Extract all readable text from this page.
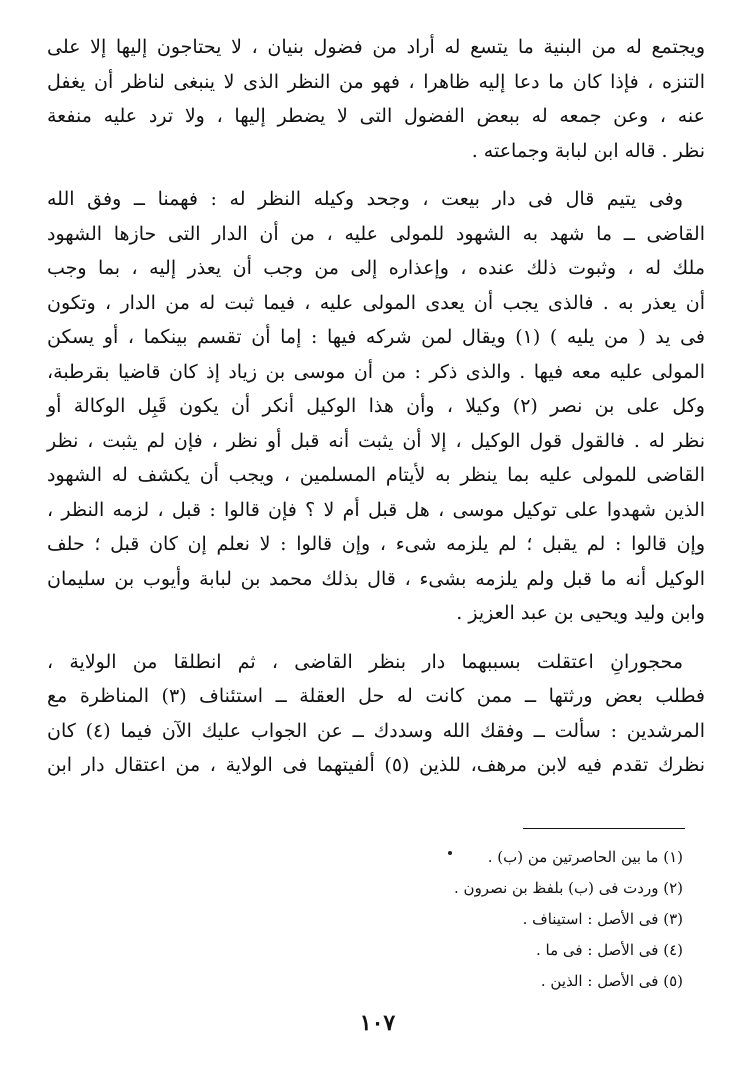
ويجتمع له من البنية ما يتسع له أراد من فضول بنيان ، لا يحتاجون إليها إلا على
التنزه ، فإذا كان ما دعا إليه ظاهرا ، فهو من النظر الذى لا ينبغى لناظر أن يغفل
عنه ، وعن جمعه له ببعض الفضول التى لا يضطر إليها ، ولا ترد عليه منفعة
نظر . قاله ابن لبابة وجماعته .

وفى يتيم قال فى دار بيعت ، وجحد وكيله النظر له : فهمنا ــ وفق الله
القاضى ــ ما شهد به الشهود للمولى عليه ، من أن الدار التى حازها الشهود
ملك له ، وثبوت ذلك عنده ، وإعذاره إلى من وجب أن يعذر إليه ، بما وجب
أن يعذر به . فالذى يجب أن يعدى المولى عليه ، فيما ثبت له من الدار ، وتكون
فى يد ( من يليه ) (١) ويقال لمن شركه فيها : إما أن تقسم بينكما ، أو يسكن
المولى عليه معه فيها . والذى ذكر : من أن موسى بن زياد إذ كان قاضيا بقرطبة،
وكل على بن نصر (٢) وكيلا ، وأن هذا الوكيل أنكر أن يكون قَبِل الوكالة أو
نظر له . فالقول قول الوكيل ، إلا أن يثبت أنه قبل أو نظر ، فإن لم يثبت ، نظر
القاضى للمولى عليه بما ينظر به لأيتام المسلمين ، ويجب أن يكشف له الشهود
الذين شهدوا على توكيل موسى ، هل قبل أم لا ؟ فإن قالوا : قبل ، لزمه النظر ،
وإن قالوا : لم يقبل ؛ لم يلزمه شىء ، وإن قالوا : لا نعلم إن كان قبل ؛ حلف
الوكيل أنه ما قبل ولم يلزمه بشىء ، قال بذلك محمد بن لبابة وأيوب بن سليمان
وابن وليد ويحيى بن عبد العزيز .

محجورانِ اعتقلت بسببهما دار بنظر القاضى ، ثم انطلقا من الولاية ،
فطلب بعض ورثتها ــ ممن كانت له حل العقلة ــ استئناف (٣) المناظرة مع
المرشدين : سألت ــ وفقك الله وسددك ــ عن الجواب عليك الآن فيما (٤) كان
نظرك تقدم فيه لابن مرهف، للذين (٥) ألفيتهما فى الولاية ، من اعتقال دار ابن

(١) ما بين الحاصرتين من (ب) .
(٢) وردت فى (ب) بلفظ بن نصرون .
(٣) فى الأصل : استيناف .
(٤) فى الأصل : فى ما .
(٥) فى الأصل : الذين .
١٠٧
